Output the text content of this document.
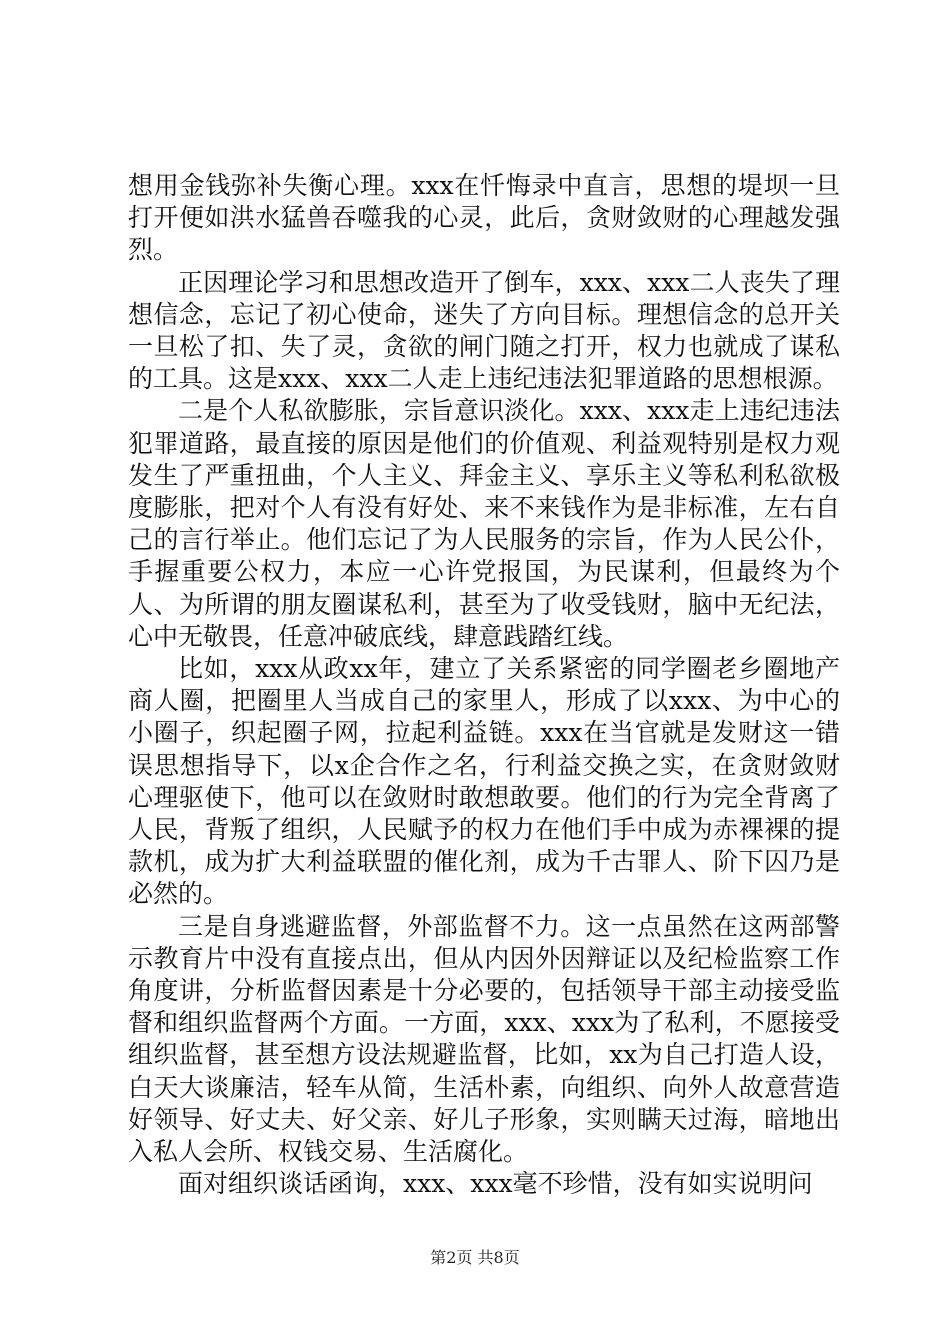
想用金钱弥补失衡心理。xxx在忏悔录中直言，思想的堤坝一旦打开便如洪水猛兽吞噬我的心灵，此后，贪财敛财的心理越发强烈。

正因理论学习和思想改造开了倒车，xxx、xxx二人丧失了理想信念，忘记了初心使命，迷失了方向目标。理想信念的总开关一旦松了扣、失了灵，贪欲的闸门随之打开，权力也就成了谋私的工具。这是xxx、xxx二人走上违纪违法犯罪道路的思想根源。

二是个人私欲膨胀，宗旨意识淡化。xxx、xxx走上违纪违法犯罪道路，最直接的原因是他们的价值观、利益观特别是权力观发生了严重扭曲，个人主义、拜金主义、享乐主义等私利私欲极度膨胀，把对个人有没有好处、来不来钱作为是非标准，左右自己的言行举止。他们忘记了为人民服务的宗旨，作为人民公仆，手握重要公权力，本应一心许党报国，为民谋利，但最终为个人、为所谓的朋友圈谋私利，甚至为了收受钱财，脑中无纪法，心中无敬畏，任意冲破底线，肆意践踏红线。

比如，xxx从政xx年，建立了关系紧密的同学圈老乡圈地产商人圈，把圈里人当成自己的家里人，形成了以xxx、为中心的小圈子，织起圈子网，拉起利益链。xxx在当官就是发财这一错误思想指导下，以x企合作之名，行利益交换之实，在贪财敛财心理驱使下，他可以在敛财时敢想敢要。他们的行为完全背离了人民，背叛了组织，人民赋予的权力在他们手中成为赤裸裸的提款机，成为扩大利益联盟的催化剂，成为千古罪人、阶下囚乃是必然的。

三是自身逃避监督，外部监督不力。这一点虽然在这两部警示教育片中没有直接点出，但从内因外因辩证以及纪检监察工作角度讲，分析监督因素是十分必要的，包括领导干部主动接受监督和组织监督两个方面。一方面，xxx、xxx为了私利，不愿接受组织监督，甚至想方设法规避监督，比如，xx为自己打造人设，白天大谈廉洁，轻车从简，生活朴素，向组织、向外人故意营造好领导、好丈夫、好父亲、好儿子形象，实则瞒天过海，暗地出入私人会所、权钱交易、生活腐化。

面对组织谈话函询，xxx、xxx毫不珍惜，没有如实说明问

第2页 共8页
